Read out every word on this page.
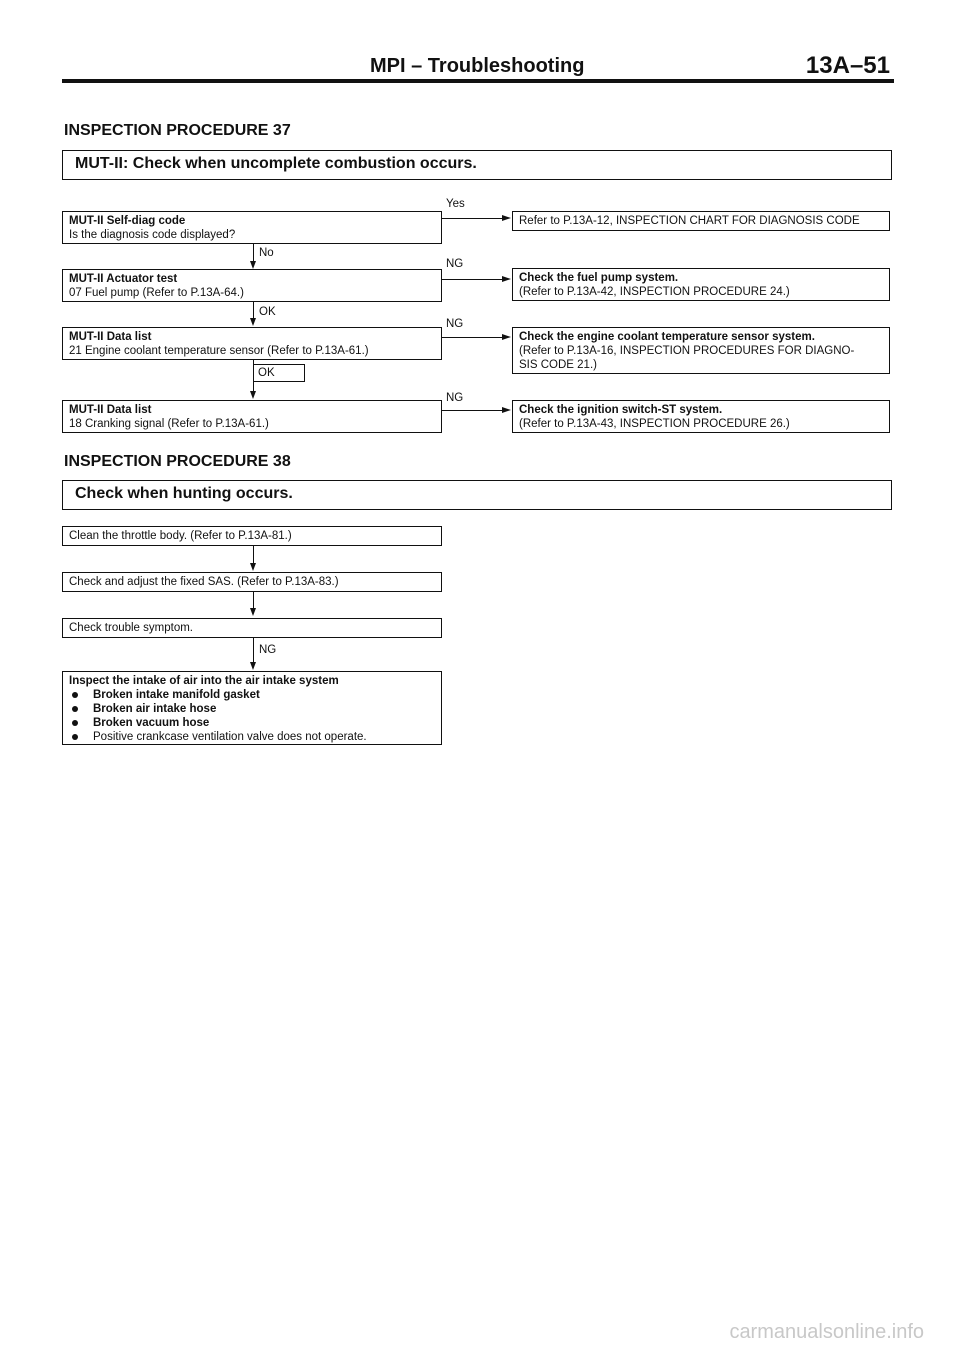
MPI – Troubleshooting	13A–51
INSPECTION PROCEDURE 37
MUT-II: Check when uncomplete combustion occurs.
MUT-II Self-diag code
Is the diagnosis code displayed?
Yes
Refer to P.13A-12, INSPECTION CHART FOR DIAGNOSIS CODE
No
MUT-II Actuator test
07 Fuel pump (Refer to P.13A-64.)
NG
Check the fuel pump system.
(Refer to P.13A-42, INSPECTION PROCEDURE 24.)
OK
MUT-II Data list
21 Engine coolant temperature sensor (Refer to P.13A-61.)
NG
Check the engine coolant temperature sensor system.
(Refer to P.13A-16, INSPECTION PROCEDURES FOR DIAGNO-
SIS CODE 21.)
OK
MUT-II Data list
18 Cranking signal (Refer to P.13A-61.)
NG
Check the ignition switch-ST system.
(Refer to P.13A-43, INSPECTION PROCEDURE 26.)
INSPECTION PROCEDURE 38
Check when hunting occurs.
Clean the throttle body. (Refer to P.13A-81.)
Check and adjust the fixed SAS. (Refer to P.13A-83.)
Check trouble symptom.
NG
Inspect the intake of air into the air intake system
Broken intake manifold gasket
Broken air intake hose
Broken vacuum hose
Positive crankcase ventilation valve does not operate.
carmanualsonline.info
